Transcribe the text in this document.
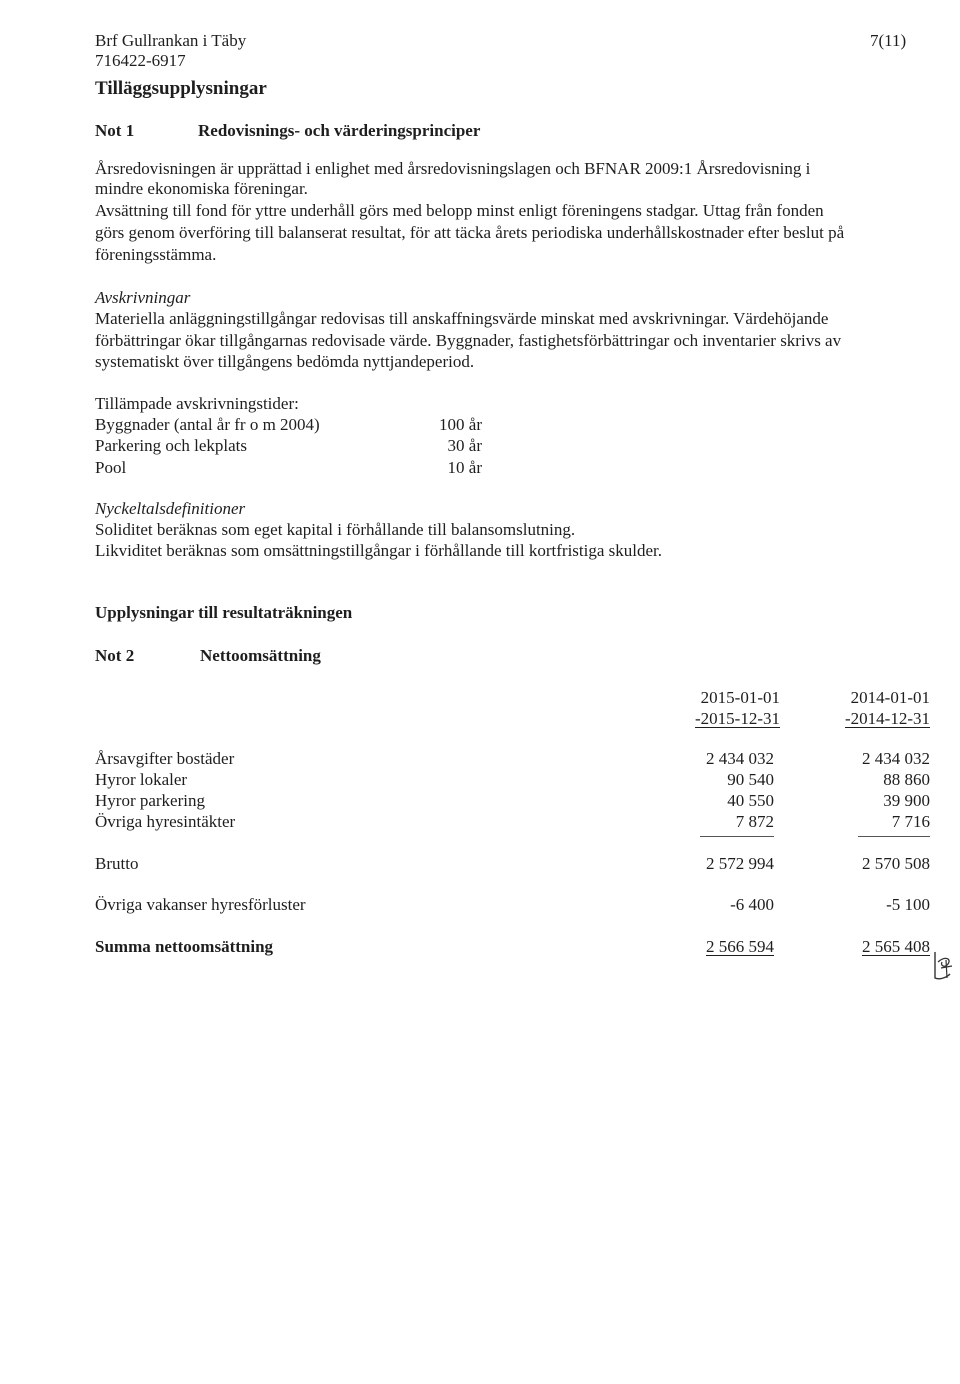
Brf Gullrankan i Täby
716422-6917
7(11)
Tilläggsupplysningar
Not 1	Redovisnings- och värderingsprinciper
Årsredovisningen är upprättad i enlighet med årsredovisningslagen och BFNAR 2009:1 Årsredovisning i
mindre ekonomiska föreningar.
Avsättning till fond för yttre underhåll görs med belopp minst enligt föreningens stadgar. Uttag från fonden
görs genom överföring till balanserat resultat, för att täcka årets periodiska underhållskostnader efter beslut på
föreningsstämma.
Avskrivningar
Materiella anläggningstillgångar redovisas till anskaffningsvärde minskat med avskrivningar. Värdehöjande
förbättringar ökar tillgångarnas redovisade värde. Byggnader, fastighetsförbättringar och inventarier skrivs av
systematiskt över tillgångens bedömda nyttjandeperiod.
Tillämpade avskrivningstider:
Byggnader (antal år fr o m 2004)	100 år
Parkering och lekplats	30 år
Pool	10 år
Nyckeltalsdefinitioner
Soliditet beräknas som eget kapital i förhållande till balansomslutning.
Likviditet beräknas som omsättningstillgångar i förhållande till kortfristiga skulder.
Upplysningar till resultaträkningen
Not 2	Nettoomsättning
2015-01-01
-2015-12-31
2014-01-01
-2014-12-31
Årsavgifter bostäder	2 434 032	2 434 032
Hyror lokaler	90 540	88 860
Hyror parkering	40 550	39 900
Övriga hyresintäkter	7 872	7 716
Brutto	2 572 994	2 570 508
Övriga vakanser hyresförluster	-6 400	-5 100
Summa nettoomsättning	2 566 594	2 565 408
